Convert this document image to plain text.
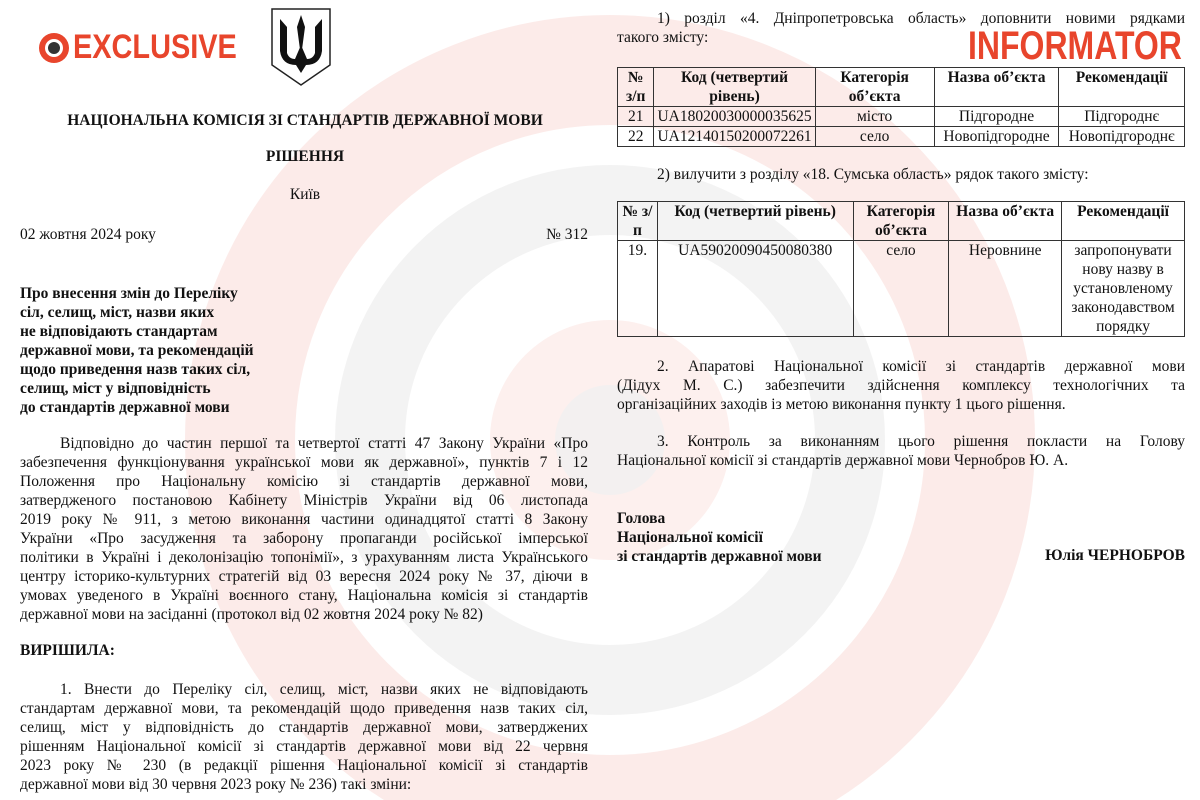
EXCLUSIVE	INFORMATOR
НАЦІОНАЛЬНА КОМІСІЯ ЗІ СТАНДАРТІВ ДЕРЖАВНОЇ МОВИ
РІШЕННЯ
Київ
02 жовтня 2024 року	№ 312
Про внесення змін до Переліку
сіл, селищ, міст, назви яких
не відповідають стандартам
державної мови, та рекомендацій
щодо приведення назв таких сіл,
селищ, міст у відповідність
до стандартів державної мови
Відповідно до частин першої та четвертої статті 47 Закону України «Про
забезпечення функціонування української мови як державної», пунктів 7 і 12
Положення про Національну комісію зі стандартів державної мови,
затвердженого постановою Кабінету Міністрів України від 06 листопада
2019 року № 911, з метою виконання частини одинадцятої статті 8 Закону
України «Про засудження та заборону пропаганди російської імперської
політики в Україні і деколонізацію топонімії», з урахуванням листа Українського
центру історико-культурних стратегій від 03 вересня 2024 року № 37, діючи в
умовах уведеного в Україні воєнного стану, Національна комісія зі стандартів
державної мови на засіданні (протокол від 02 жовтня 2024 року № 82)
ВИРІШИЛА:
1. Внести до Переліку сіл, селищ, міст, назви яких не відповідають
стандартам державної мови, та рекомендацій щодо приведення назв таких сіл,
селищ, міст у відповідність до стандартів державної мови, затверджених
рішенням Національної комісії зі стандартів державної мови від 22 червня
2023 року № 230 (в редакції рішення Національної комісії зі стандартів
державної мови від 30 червня 2023 року № 236) такі зміни:
1) розділ «4. Дніпропетровська область» доповнити новими рядками
такого змісту:
№ з/п	Код (четвертий рівень)	Категорія об’єкта	Назва об’єкта	Рекомендації
21	UA18020030000035625	місто	Підгородне	Підгороднє
22	UA12140150200072261	село	Новопідгородне	Новопідгороднє
2) вилучити з розділу «18. Сумська область» рядок такого змісту:
№ з/п	Код (четвертий рівень)	Категорія об’єкта	Назва об’єкта	Рекомендації
19.	UA59020090450080380	село	Неровнине	запропонувати нову назву в установленому законодавством порядку
2. Апаратові Національної комісії зі стандартів державної мови
(Дідух М. С.) забезпечити здійснення комплексу технологічних та
організаційних заходів із метою виконання пункту 1 цього рішення.
3. Контроль за виконанням цього рішення покласти на Голову
Національної комісії зі стандартів державної мови Чернобров Ю. А.
Голова
Національної комісії
зі стандартів державної мови	Юлія ЧЕРНОБРОВ
